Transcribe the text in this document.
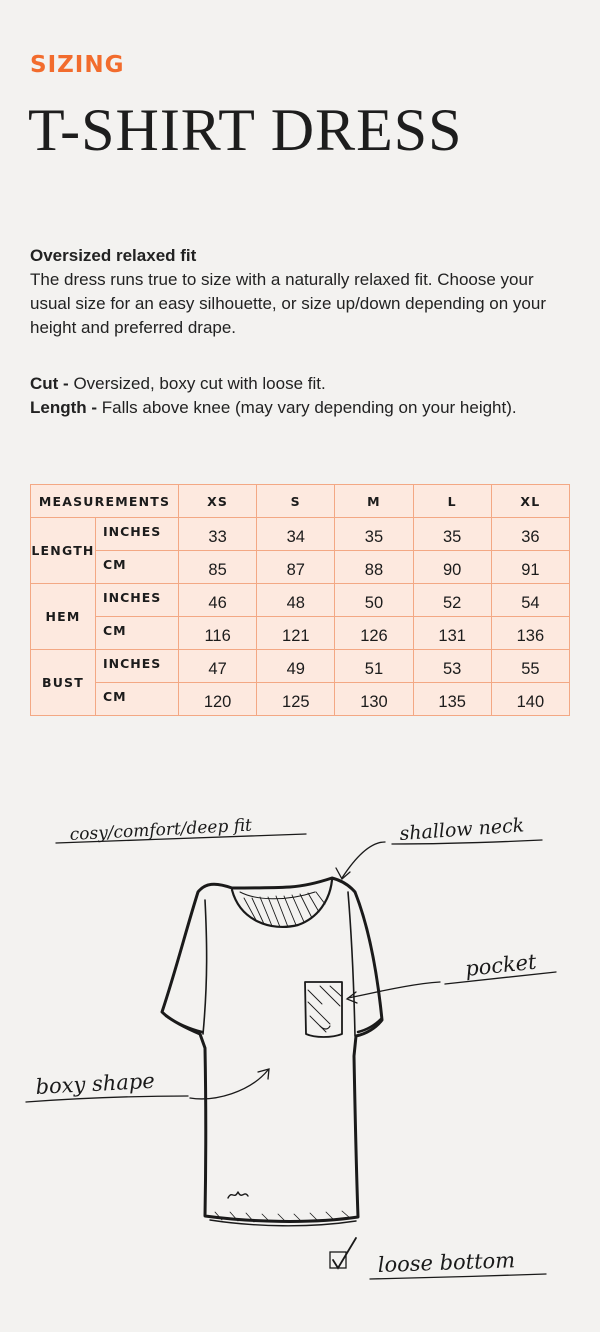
SIZING
T-SHIRT DRESS
Oversized relaxed fit
The dress runs true to size with a naturally relaxed fit. Choose your usual size for an easy silhouette, or size up/down depending on your height and preferred drape.
Cut - Oversized, boxy cut with loose fit.
Length - Falls above knee (may vary depending on your height).
MEASUREMENTS		XS	S	M	L	XL
LENGTH	INCHES	33	34	35	35	36
	CM	85	87	88	90	91
HEM	INCHES	46	48	50	52	54
	CM	116	121	126	131	136
BUST	INCHES	47	49	51	53	55
	CM	120	125	130	135	140
cosy/comfort/deep fit	shallow neck
pocket
boxy shape
loose bottom
